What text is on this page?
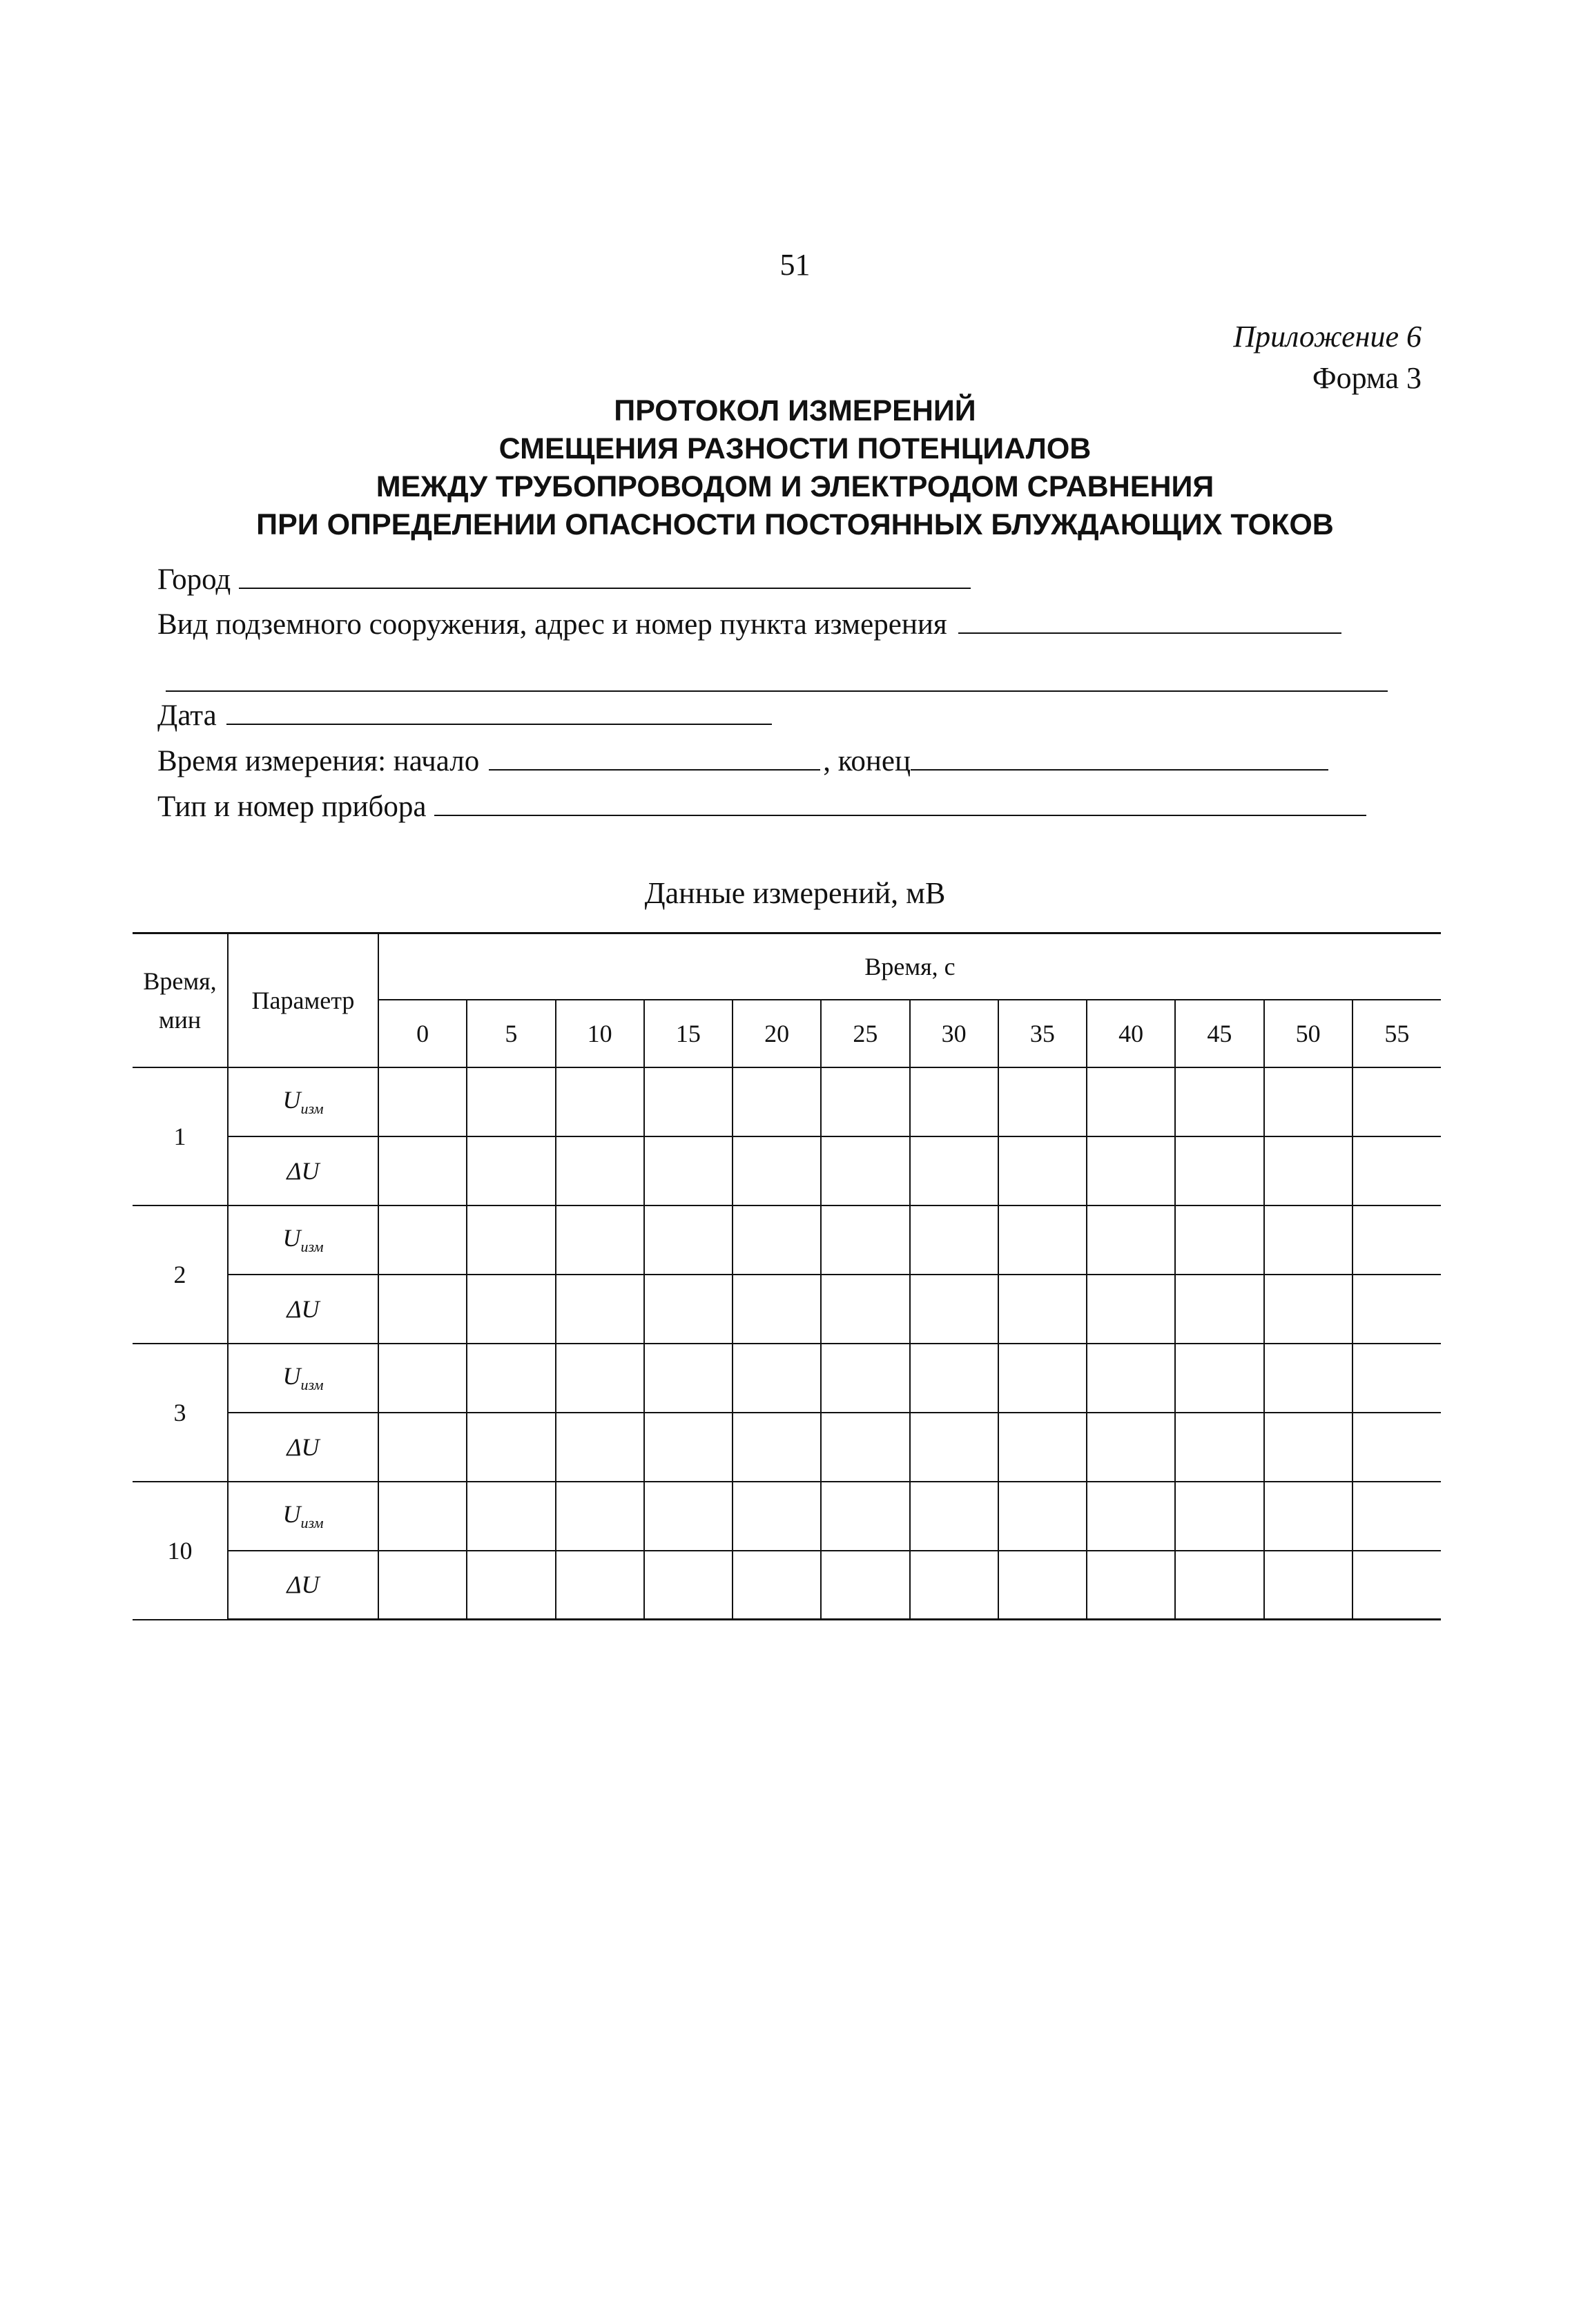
51
Приложение 6
Форма 3
ПРОТОКОЛ ИЗМЕРЕНИЙ
СМЕЩЕНИЯ РАЗНОСТИ ПОТЕНЦИАЛОВ
МЕЖДУ ТРУБОПРОВОДОМ И ЭЛЕКТРОДОМ СРАВНЕНИЯ
ПРИ ОПРЕДЕЛЕНИИ ОПАСНОСТИ ПОСТОЯННЫХ БЛУЖДАЮЩИХ ТОКОВ
Город
Вид подземного сооружения, адрес и номер пункта измерения
Дата
Время измерения: начало	, конец
Тип и номер прибора
Данные измерений, мВ
Время, мин	Параметр	Время, с											
		0	5	10	15	20	25	30	35	40	45	50	55
1	$U_{изм}$												
	ΔU												
2	$U_{изм}$												
	ΔU												
3	$U_{изм}$												
	ΔU												
10	$U_{изм}$												
	ΔU												
